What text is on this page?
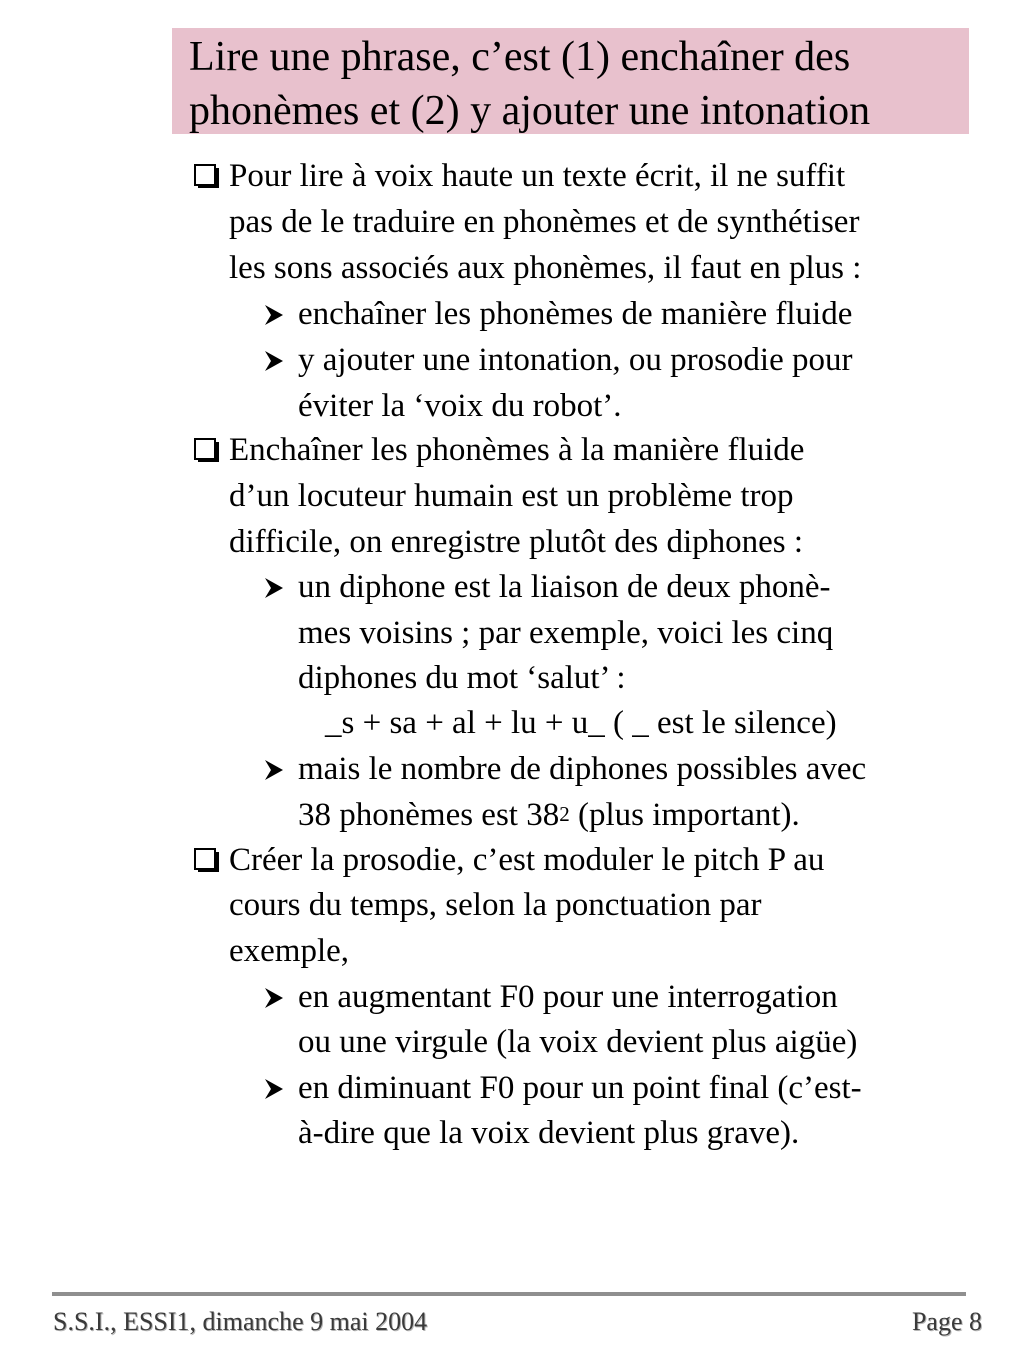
Lire une phrase, c’est (1) enchaîner des
phonèmes et (2) y ajouter une intonation
Pour lire à voix haute un texte écrit, il ne suffit
pas de le traduire en phonèmes et de synthétiser
les sons associés aux phonèmes, il faut en plus :
enchaîner les phonèmes de manière fluide
y ajouter une intonation, ou prosodie pour
éviter la ‘voix du robot’.
Enchaîner les phonèmes à la manière fluide
d’un locuteur humain est un problème trop
difficile, on enregistre plutôt des diphones :
un diphone est la liaison de deux phonè-
mes voisins ; par exemple, voici les cinq
diphones du mot ‘salut’ :
_s + sa + al + lu + u_ ( _ est le silence)
mais le nombre de diphones possibles avec
38 phonèmes est $38^2$ (plus important).
Créer la prosodie, c’est moduler le pitch P au
cours du temps, selon la ponctuation par
exemple,
en augmentant F0 pour une interrogation
ou une virgule (la voix devient plus aigüe)
en diminuant F0 pour un point final (c’est-
à-dire que la voix devient plus grave).
S.S.I., ESSI1, dimanche 9 mai 2004	Page 8
